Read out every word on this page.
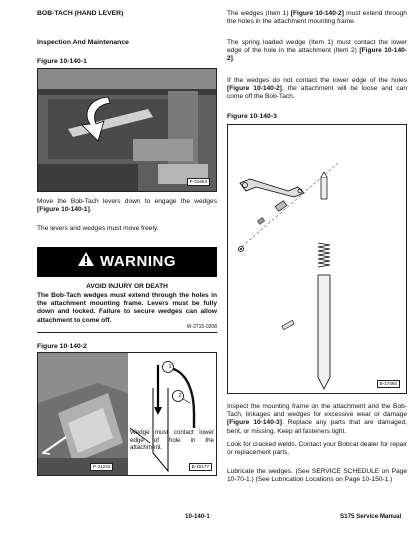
BOB-TACH (HAND LEVER)
Inspection And Maintenance
Figure 10-140-1
P-31693
Move the Bob-Tach levers down to engage the wedges [Figure 10-140-1].
The levers and wedges must move freely.
WARNING
AVOID INJURY OR DEATH
The Bob-Tach wedges must extend through the holes in the attachment mounting frame. Levers must be fully down and locked. Failure to secure wedges can allow attachment to come off.
W-2715-0208
Figure 10-140-2
P-31233
1
2
Wedge must contact lower edge of hole in the attachment.
B-15177
The wedges (Item 1) [Figure 10-140-2] must extend through the holes in the attachment mounting frame.
The spring loaded wedge (Item 1) must contact the lower edge of the hole in the attachment (Item 2) [Figure 10-140-2].
If the wedges do not contact the lower edge of the holes [Figure 10-140-2], the attachment will be loose and can come off the Bob-Tach.
Figure 10-140-3
B-17460
Inspect the mounting frame on the attachment and the Bob-Tach, linkages and wedges for excessive wear or damage [Figure 10-140-3]. Replace any parts that are damaged, bent, or missing. Keep all fasteners tight.
Look for cracked welds. Contact your Bobcat dealer for repair or replacement parts.
Lubricate the wedges. (See SERVICE SCHEDULE on Page 10-70-1.) (See Lubrication Locations on Page 10-150-1.)
10-140-1	S175 Service Manual
